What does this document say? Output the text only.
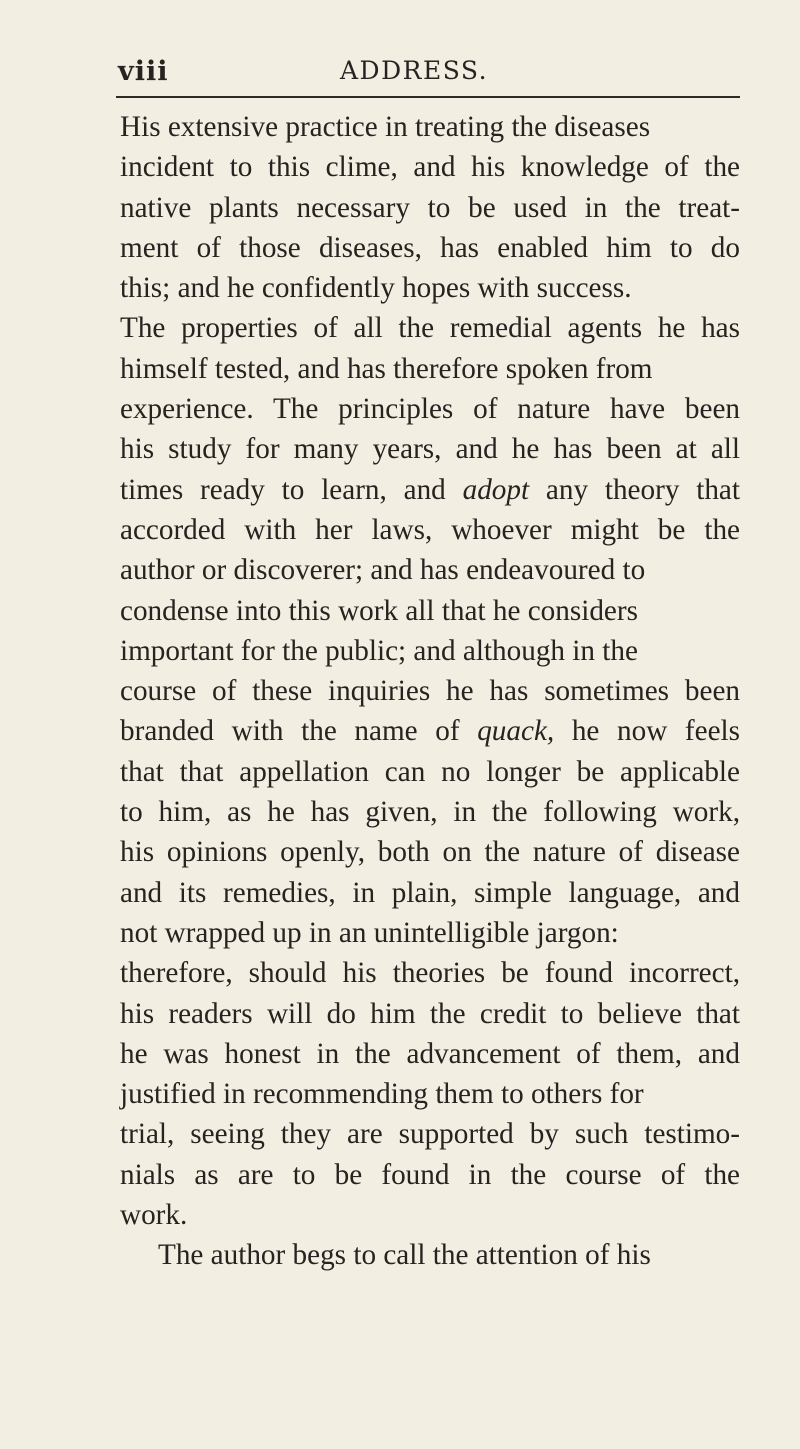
viii	ADDRESS.
His extensive practice in treating the diseases
incident to this clime, and his knowledge of the
native plants necessary to be used in the treat-
ment of those diseases, has enabled him to do
this; and he confidently hopes with success.
The properties of all the remedial agents he has
himself tested, and has therefore spoken from
experience. The principles of nature have been
his study for many years, and he has been at all
times ready to learn, and adopt any theory that
accorded with her laws, whoever might be the
author or discoverer; and has endeavoured to
condense into this work all that he considers
important for the public; and although in the
course of these inquiries he has sometimes been
branded with the name of quack, he now feels
that that appellation can no longer be applicable
to him, as he has given, in the following work,
his opinions openly, both on the nature of disease
and its remedies, in plain, simple language, and
not wrapped up in an unintelligible jargon:
therefore, should his theories be found incorrect,
his readers will do him the credit to believe that
he was honest in the advancement of them, and
justified in recommending them to others for
trial, seeing they are supported by such testimo-
nials as are to be found in the course of the
work.
The author begs to call the attention of his
